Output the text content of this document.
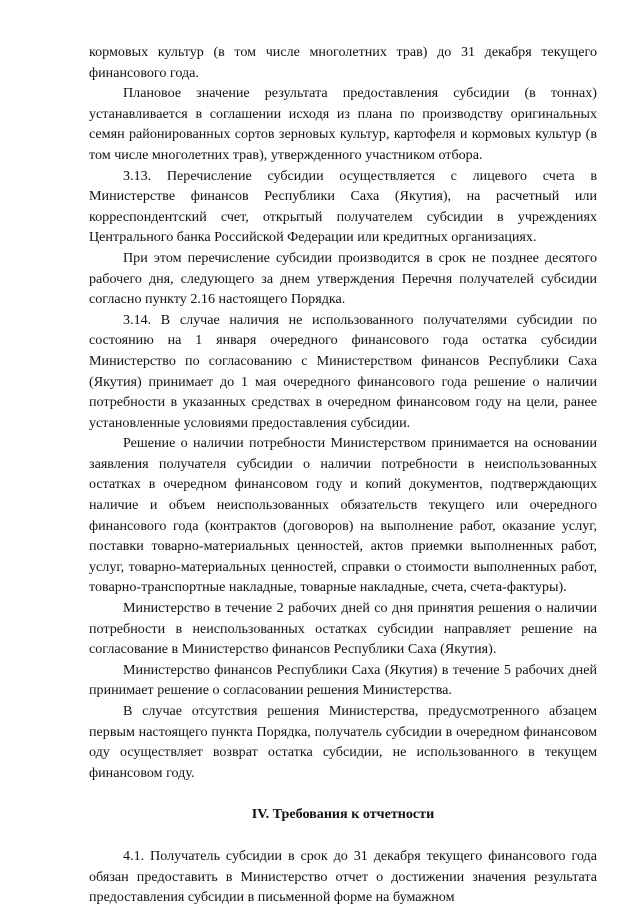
кормовых культур (в том числе многолетних трав) до 31 декабря текущего финансового года.

Плановое значение результата предоставления субсидии (в тоннах) устанавливается в соглашении исходя из плана по производству оригинальных семян районированных сортов зерновых культур, картофеля и кормовых культур (в том числе многолетних трав), утвержденного участником отбора.

3.13. Перечисление субсидии осуществляется с лицевого счета в Министерстве финансов Республики Саха (Якутия), на расчетный или корреспондентский счет, открытый получателем субсидии в учреждениях Центрального банка Российской Федерации или кредитных организациях.

При этом перечисление субсидии производится в срок не позднее десятого рабочего дня, следующего за днем утверждения Перечня получателей субсидии согласно пункту 2.16 настоящего Порядка.

3.14. В случае наличия не использованного получателями субсидии по состоянию на 1 января очередного финансового года остатка субсидии Министерство по согласованию с Министерством финансов Республики Саха (Якутия) принимает до 1 мая очередного финансового года решение о наличии потребности в указанных средствах в очередном финансовом году на цели, ранее установленные условиями предоставления субсидии.

Решение о наличии потребности Министерством принимается на основании заявления получателя субсидии о наличии потребности в неиспользованных остатках в очередном финансовом году и копий документов, подтверждающих наличие и объем неиспользованных обязательств текущего или очередного финансового года (контрактов (договоров) на выполнение работ, оказание услуг, поставки товарно-материальных ценностей, актов приемки выполненных работ, услуг, товарно-материальных ценностей, справки о стоимости выполненных работ, товарно-транспортные накладные, товарные накладные, счета, счета-фактуры).

Министерство в течение 2 рабочих дней со дня принятия решения о наличии потребности в неиспользованных остатках субсидии направляет решение на согласование в Министерство финансов Республики Саха (Якутия).

Министерство финансов Республики Саха (Якутия) в течение 5 рабочих дней принимает решение о согласовании решения Министерства.

В случае отсутствия решения Министерства, предусмотренного абзацем первым настоящего пункта Порядка, получатель субсидии в очередном финансовом оду осуществляет возврат остатка субсидии, не использованного в текущем финансовом году.

IV. Требования к отчетности

4.1. Получатель субсидии в срок до 31 декабря текущего финансового года обязан предоставить в Министерство отчет о достижении значения результата предоставления субсидии в письменной форме на бумажном
